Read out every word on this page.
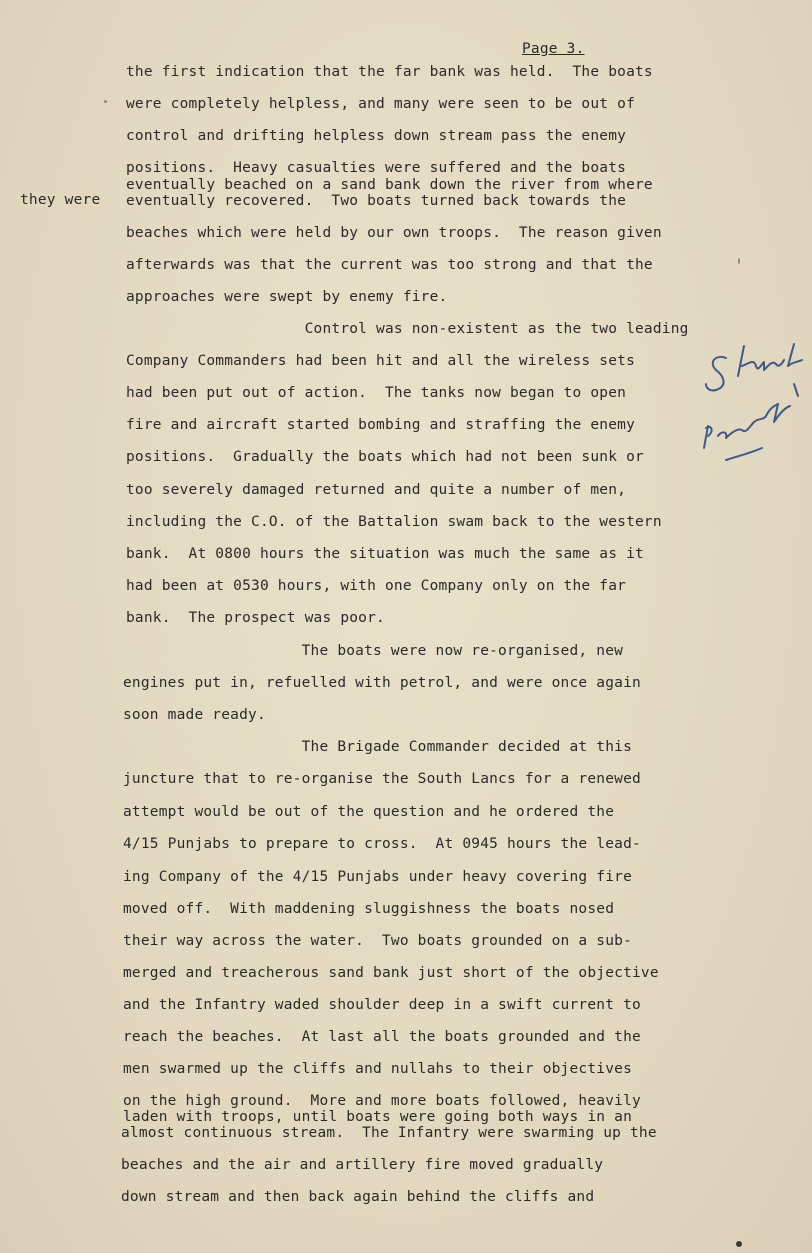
Page 3.
they were
the first indication that the far bank was held.  The boats
were completely helpless, and many were seen to be out of
control and drifting helpless down stream pass the enemy
positions.  Heavy casualties were suffered and the boats
eventually beached on a sand bank down the river from where
eventually recovered.  Two boats turned back towards the
beaches which were held by our own troops.  The reason given
afterwards was that the current was too strong and that the
approaches were swept by enemy fire.
Control was non-existent as the two leading
Company Commanders had been hit and all the wireless sets
had been put out of action.  The tanks now began to open
fire and aircraft started bombing and straffing the enemy
positions.  Gradually the boats which had not been sunk or
too severely damaged returned and quite a number of men,
including the C.O. of the Battalion swam back to the western
bank.  At 0800 hours the situation was much the same as it
had been at 0530 hours, with one Company only on the far
bank.  The prospect was poor.
The boats were now re-organised, new
engines put in, refuelled with petrol, and were once again
soon made ready.
The Brigade Commander decided at this
juncture that to re-organise the South Lancs for a renewed
attempt would be out of the question and he ordered the
4/15 Punjabs to prepare to cross.  At 0945 hours the lead-
ing Company of the 4/15 Punjabs under heavy covering fire
moved off.  With maddening sluggishness the boats nosed
their way across the water.  Two boats grounded on a sub-
merged and treacherous sand bank just short of the objective
and the Infantry waded shoulder deep in a swift current to
reach the beaches.  At last all the boats grounded and the
men swarmed up the cliffs and nullahs to their objectives
on the high ground.  More and more boats followed, heavily
laden with troops, until boats were going both ways in an
almost continuous stream.  The Infantry were swarming up the
beaches and the air and artillery fire moved gradually
down stream and then back again behind the cliffs and
